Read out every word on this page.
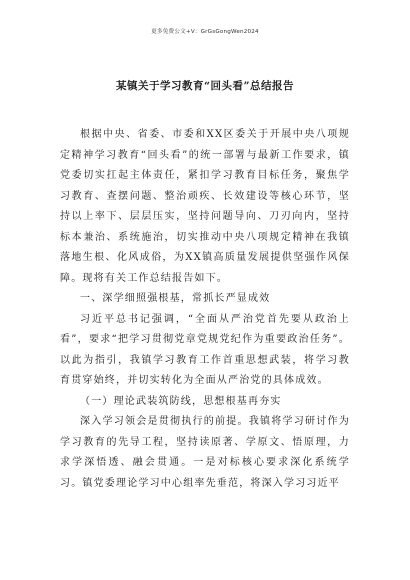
更多免费公文+V：GrGsGongWen2024
某镇关于学习教育“回头看”总结报告

根据中央、省委、市委和XX区委关于开展中央八项规定精神学习教育“回头看”的统一部署与最新工作要求，镇党委切实扛起主体责任，紧扣学习教育目标任务，聚焦学习教育、查摆问题、整治顽疾、长效建设等核心环节，坚持以上率下、层层压实，坚持问题导向、刀刃向内，坚持标本兼治、系统施治，切实推动中央八项规定精神在我镇落地生根、化风成俗，为XX镇高质量发展提供坚强作风保障。现将有关工作总结报告如下。

一、深学细照强根基，常抓长严显成效

习近平总书记强调，“全面从严治党首先要从政治上看”，要求“把学习贯彻党章党规党纪作为重要政治任务”。以此为指引，我镇学习教育工作首重思想武装，将学习教育贯穿始终，并切实转化为全面从严治党的具体成效。

（一）理论武装筑防线，思想根基再夯实

深入学习领会是贯彻执行的前提。我镇将学习研讨作为学习教育的先导工程，坚持读原著、学原文、悟原理，力求学深悟透、融会贯通。一是对标核心要求深化系统学习。镇党委理论学习中心组率先垂范，将深入学习习近平
